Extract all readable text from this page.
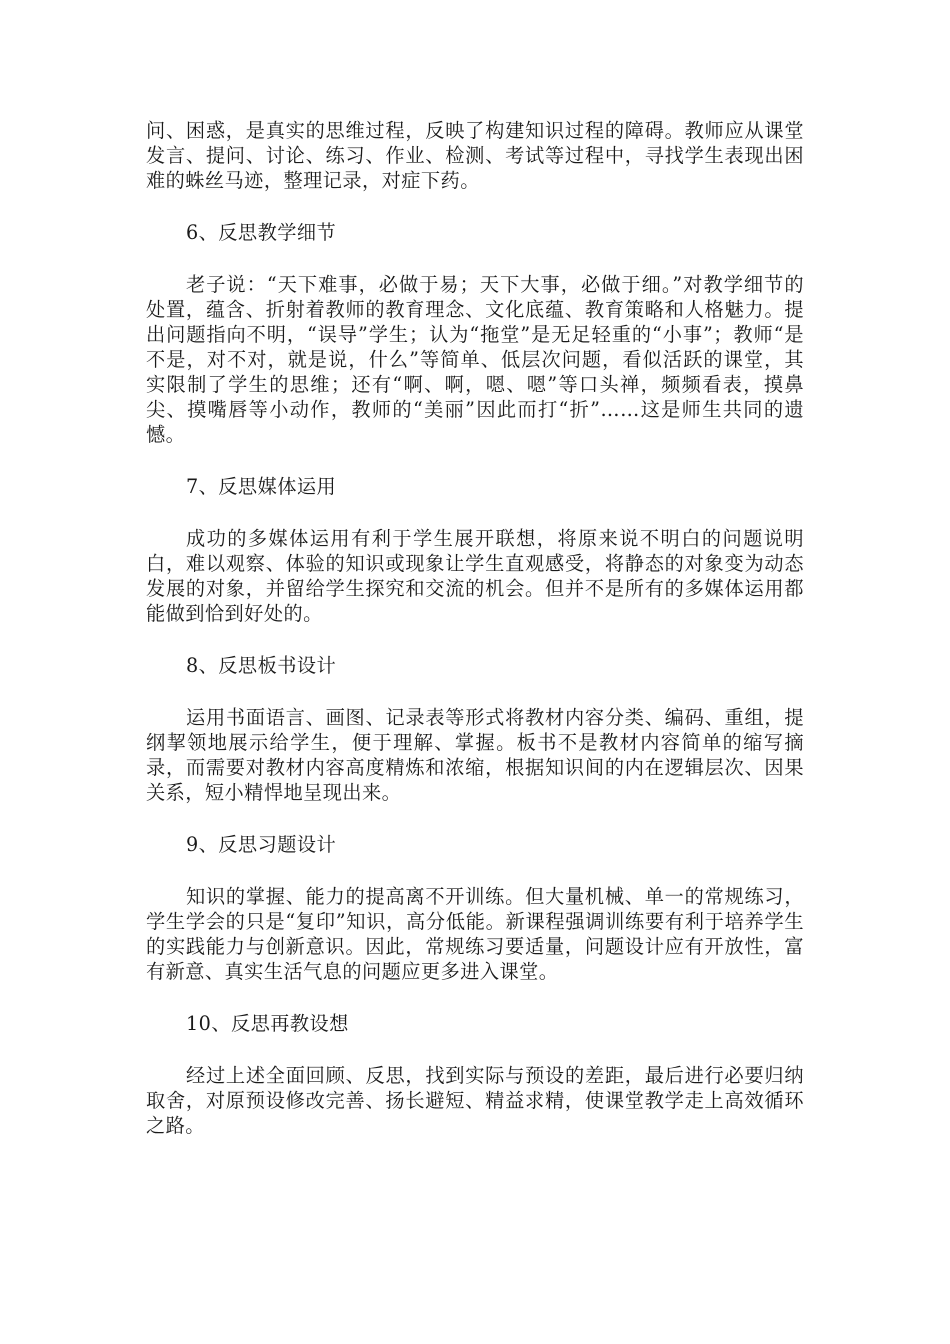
问、困惑，是真实的思维过程，反映了构建知识过程的障碍。教师应从课堂发言、提问、讨论、练习、作业、检测、考试等过程中，寻找学生表现出困难的蛛丝马迹，整理记录，对症下药。

6、反思教学细节

老子说：“天下难事，必做于易；天下大事，必做于细。”对教学细节的处置，蕴含、折射着教师的教育理念、文化底蕴、教育策略和人格魅力。提出问题指向不明，“误导”学生；认为“拖堂”是无足轻重的“小事”；教师“是不是，对不对，就是说，什么”等简单、低层次问题，看似活跃的课堂，其实限制了学生的思维；还有“啊、啊，嗯、嗯”等口头禅，频频看表，摸鼻尖、摸嘴唇等小动作，教师的“美丽”因此而打“折”……这是师生共同的遗憾。

7、反思媒体运用

成功的多媒体运用有利于学生展开联想，将原来说不明白的问题说明白，难以观察、体验的知识或现象让学生直观感受，将静态的对象变为动态发展的对象，并留给学生探究和交流的机会。但并不是所有的多媒体运用都能做到恰到好处的。

8、反思板书设计

运用书面语言、画图、记录表等形式将教材内容分类、编码、重组，提纲挈领地展示给学生，便于理解、掌握。板书不是教材内容简单的缩写摘录，而需要对教材内容高度精炼和浓缩，根据知识间的内在逻辑层次、因果关系，短小精悍地呈现出来。

9、反思习题设计

知识的掌握、能力的提高离不开训练。但大量机械、单一的常规练习，学生学会的只是“复印”知识，高分低能。新课程强调训练要有利于培养学生的实践能力与创新意识。因此，常规练习要适量，问题设计应有开放性，富有新意、真实生活气息的问题应更多进入课堂。

10、反思再教设想

经过上述全面回顾、反思，找到实际与预设的差距，最后进行必要归纳取舍，对原预设修改完善、扬长避短、精益求精，使课堂教学走上高效循环之路。
